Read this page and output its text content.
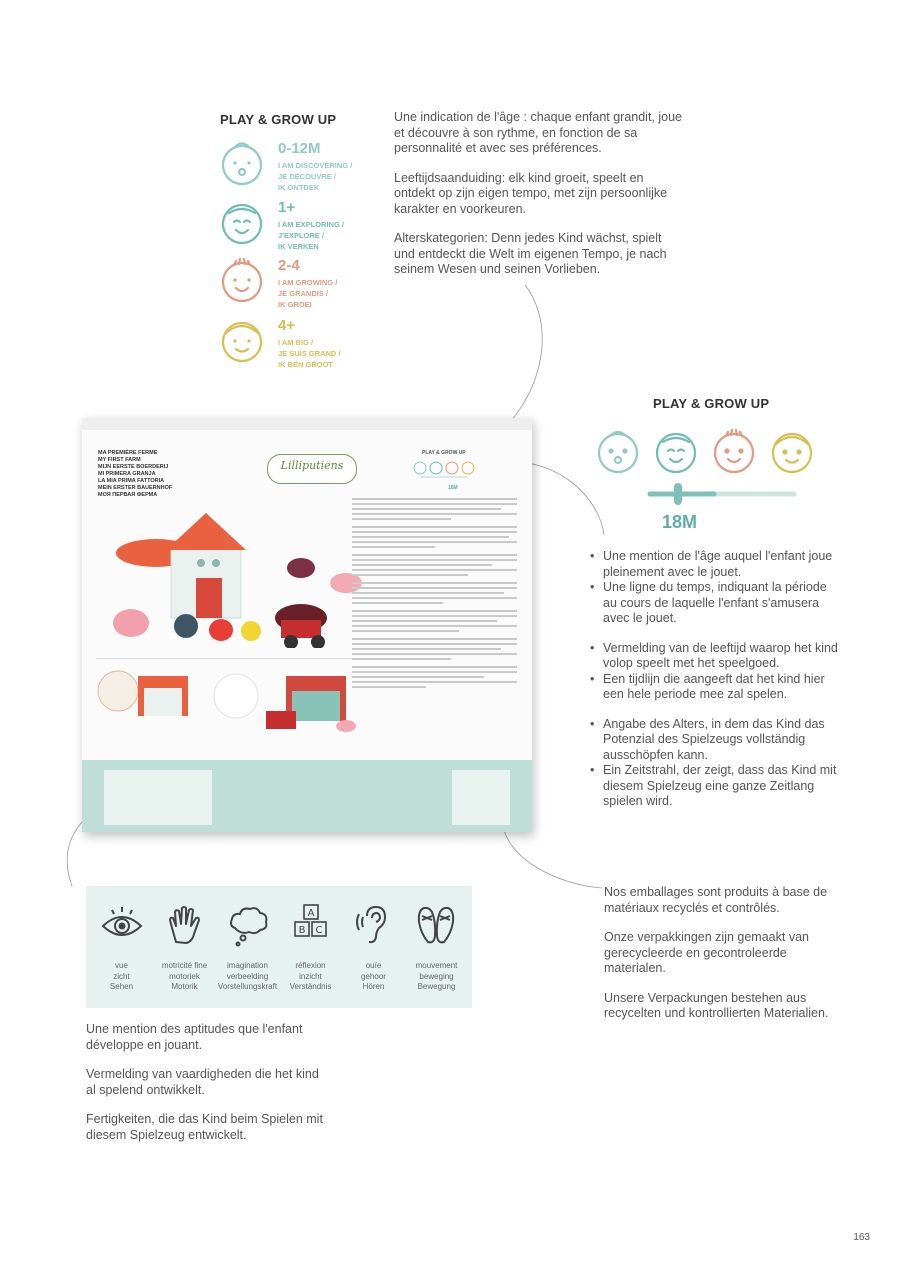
PLAY & GROW UP
0-12M
I AM DISCOVERING /
JE DÉCOUVRE /
IK ONTDEK
1+
I AM EXPLORING /
J'EXPLORE /
IK VERKEN
2-4
I AM GROWING /
JE GRANDIS /
IK GROEI
4+
I AM BIG /
JE SUIS GRAND /
IK BEN GROOT

Une indication de l'âge : chaque enfant grandit, joue et découvre à son rythme, en fonction de sa personnalité et avec ses préférences.

Leeftijdsaanduiding: elk kind groeit, speelt en ontdekt op zijn eigen tempo, met zijn persoonlijke karakter en voorkeuren.

Alterskategorien: Denn jedes Kind wächst, spielt und entdeckt die Welt im eigenen Tempo, je nach seinem Wesen und seinen Vorlieben.

MA PREMIÈRE FERME
MY FIRST FARM
MIJN EERSTE BOERDERIJ
MI PRIMERA GRANJA
LA MIA PRIMA FATTORIA
MEIN ERSTER BAUERNHOF
МОЯ ПЕРВАЯ ФЕРМА
Lilliputiens
PLAY & GROW UP
18M
PLAY & GROW UP
18M
• Une mention de l'âge auquel l'enfant joue pleinement avec le jouet.
• Une ligne du temps, indiquant la période au cours de laquelle l'enfant s'amusera avec le jouet.
• Vermelding van de leeftijd waarop het kind volop speelt met het speelgoed.
• Een tijdlijn die aangeeft dat het kind hier een hele periode mee zal spelen.
• Angabe des Alters, in dem das Kind das Potenzial des Spielzeugs vollständig ausschöpfen kann.
• Ein Zeitstrahl, der zeigt, dass das Kind mit diesem Spielzeug eine ganze Zeitlang spielen wird.

Nos emballages sont produits à base de matériaux recyclés et contrôlés.

Onze verpakkingen zijn gemaakt van gerecycleerde en gecontroleerde materialen.

Unsere Verpackungen bestehen aus recycelten und kontrollierten Materialien.

vue
zicht
Sehen
motricité fine
motoriek
Motorik
imagination
verbeelding
Vorstellungskraft
A
B C
réflexion
inzicht
Verständnis
ouïe
gehoor
Hören
mouvement
beweging
Bewegung

Une mention des aptitudes que l'enfant développe en jouant.

Vermelding van vaardigheden die het kind al spelend ontwikkelt.

Fertigkeiten, die das Kind beim Spielen mit diesem Spielzeug entwickelt.

163
